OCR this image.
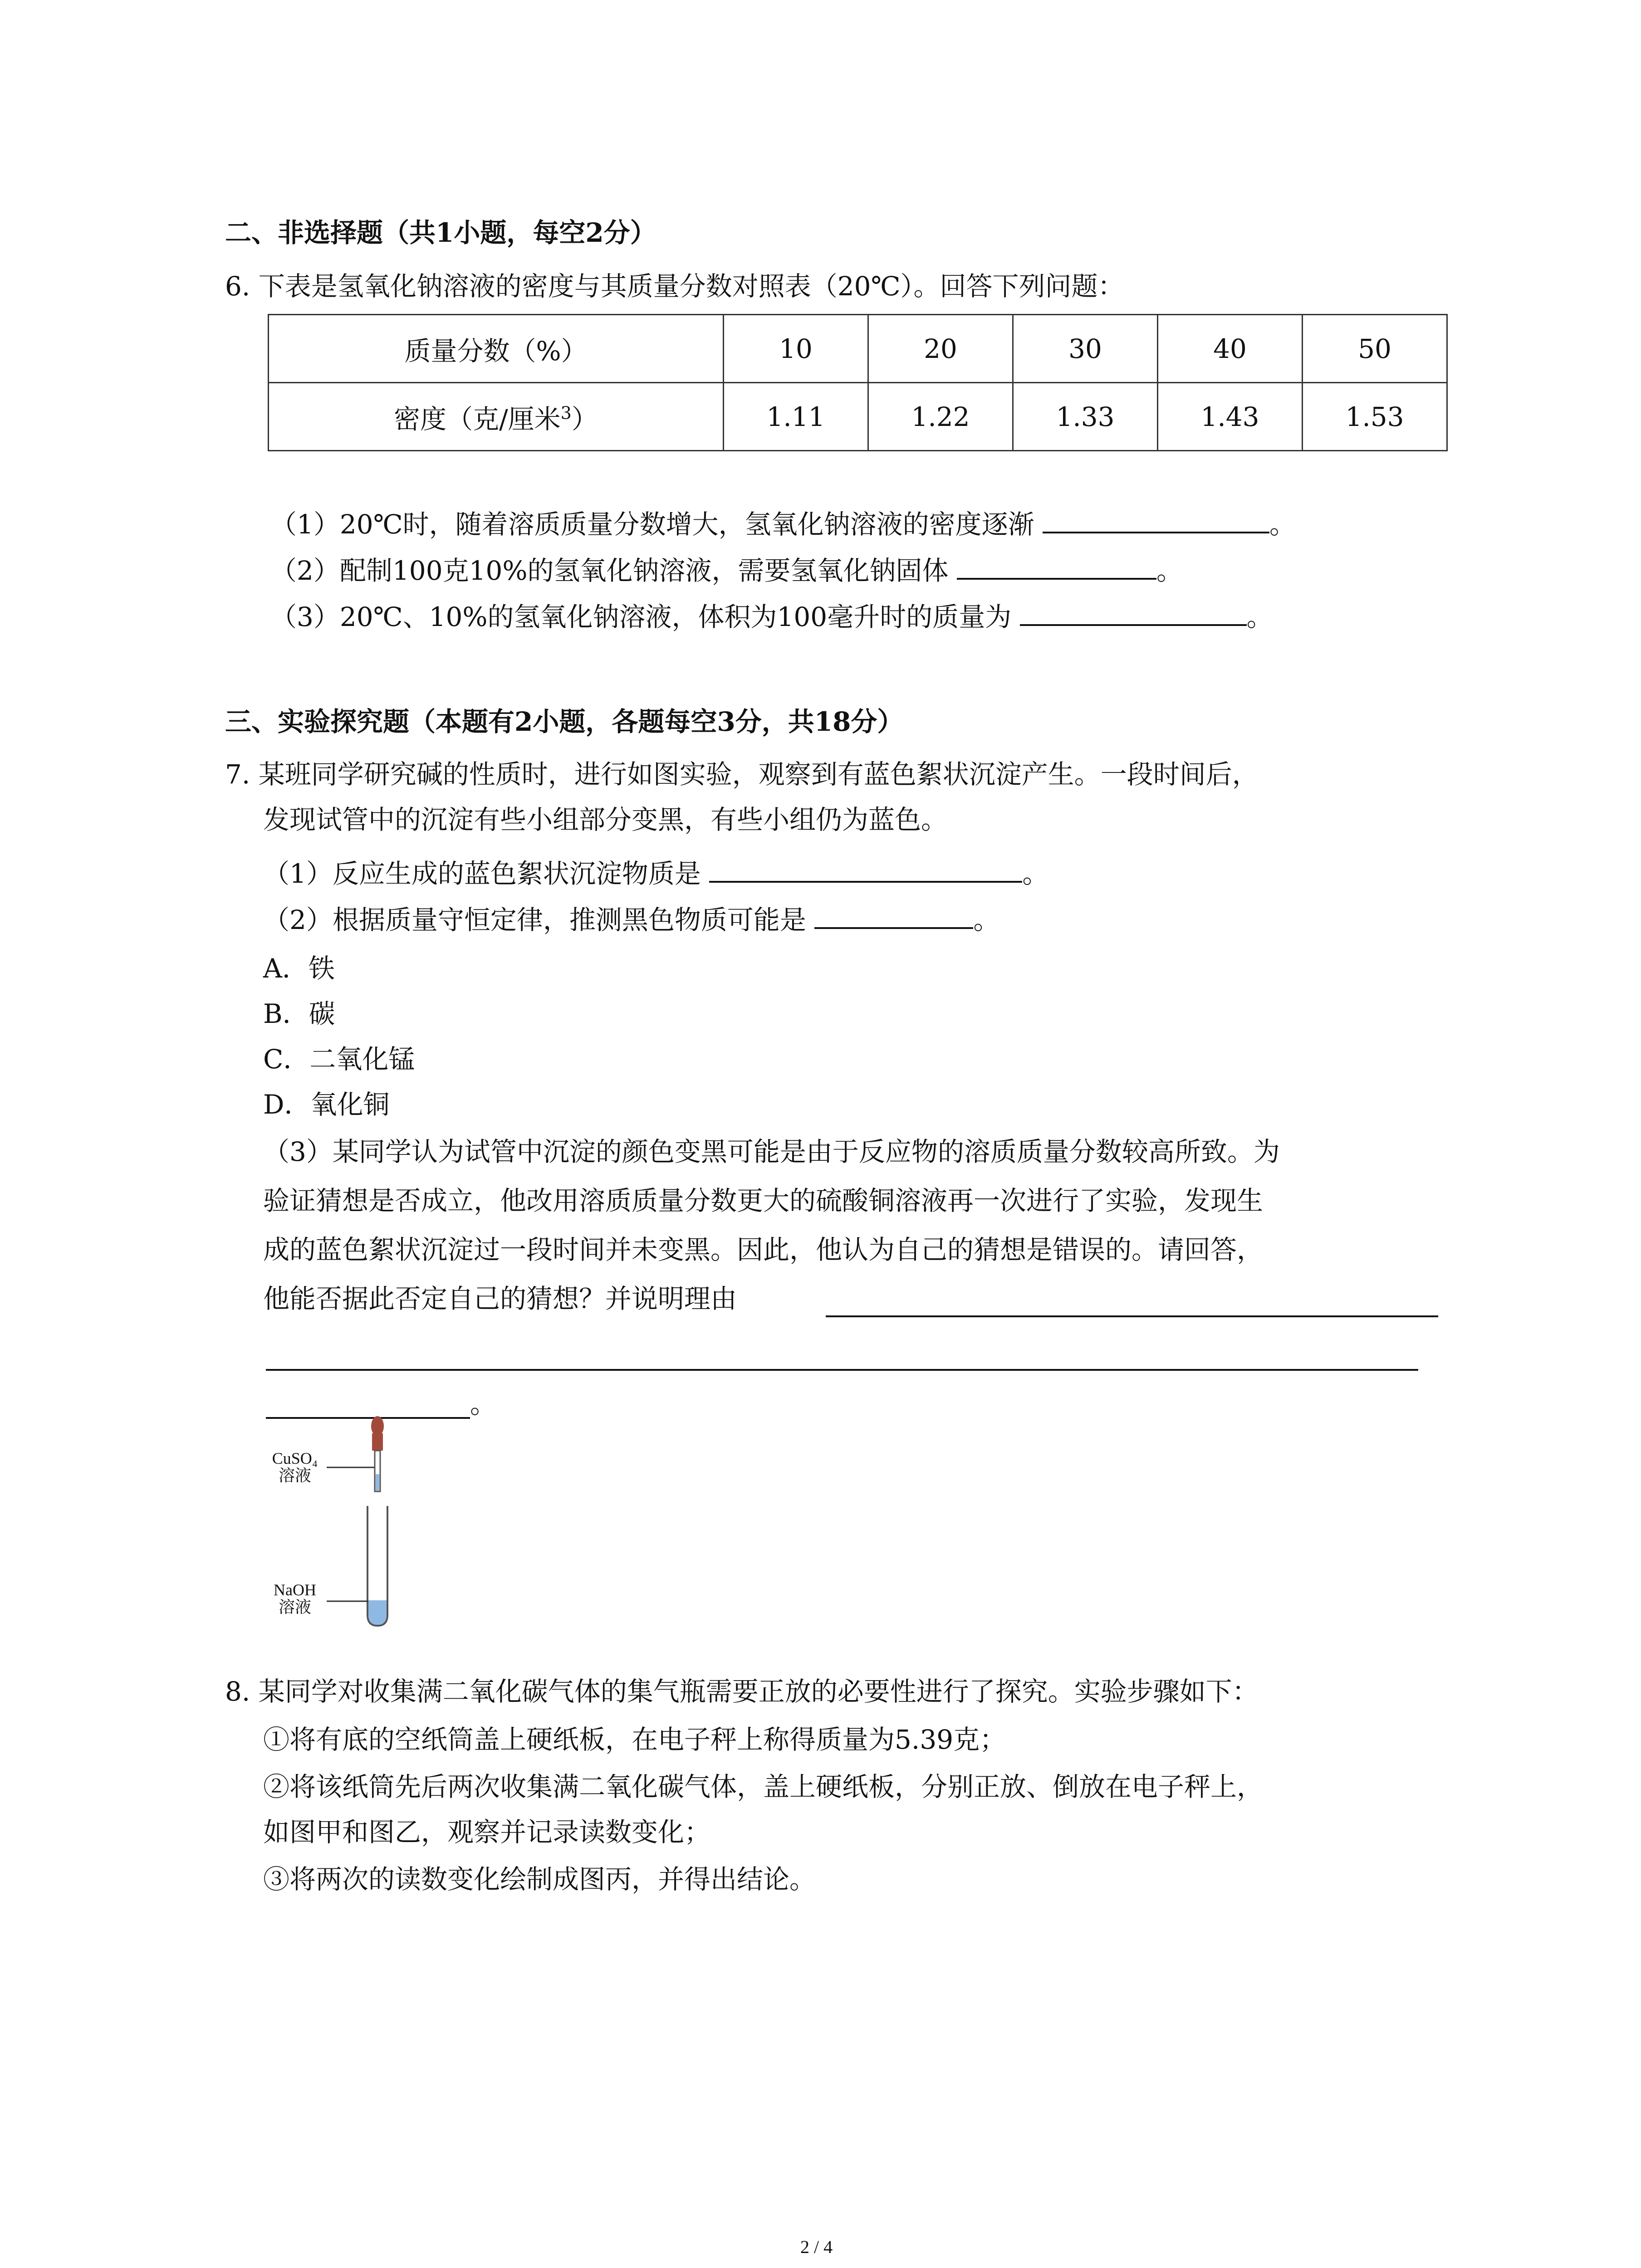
二、非选择题（共1小题，每空2分）
6. 下表是氢氧化钠溶液的密度与其质量分数对照表（20℃）。回答下列问题：
质量分数（%）	10	20	30	40	50
密度（克/厘米$^3$）	1.11	1.22	1.33	1.43	1.53
（1）20℃时，随着溶质质量分数增大，氢氧化钠溶液的密度逐渐	。
（2）配制100克10%的氢氧化钠溶液，需要氢氧化钠固体	。
（3）20℃、10%的氢氧化钠溶液，体积为100毫升时的质量为	。
三、实验探究题（本题有2小题，各题每空3分，共18分）
7. 某班同学研究碱的性质时，进行如图实验，观察到有蓝色絮状沉淀产生。一段时间后，
发现试管中的沉淀有些小组部分变黑，有些小组仍为蓝色。
（1）反应生成的蓝色絮状沉淀物质是	。
（2）根据质量守恒定律，推测黑色物质可能是	。
A．铁
B．碳
C．二氧化锰
D．氧化铜
（3）某同学认为试管中沉淀的颜色变黑可能是由于反应物的溶质质量分数较高所致。为
验证猜想是否成立，他改用溶质质量分数更大的硫酸铜溶液再一次进行了实验，发现生
成的蓝色絮状沉淀过一段时间并未变黑。因此，他认为自己的猜想是错误的。请回答，
他能否据此否定自己的猜想？并说明理由
。
CuSO₄
溶液
NaOH
溶液
8. 某同学对收集满二氧化碳气体的集气瓶需要正放的必要性进行了探究。实验步骤如下：
①将有底的空纸筒盖上硬纸板，在电子秤上称得质量为5.39克；
②将该纸筒先后两次收集满二氧化碳气体，盖上硬纸板，分别正放、倒放在电子秤上，
如图甲和图乙，观察并记录读数变化；
③将两次的读数变化绘制成图丙，并得出结论。
2 / 4
